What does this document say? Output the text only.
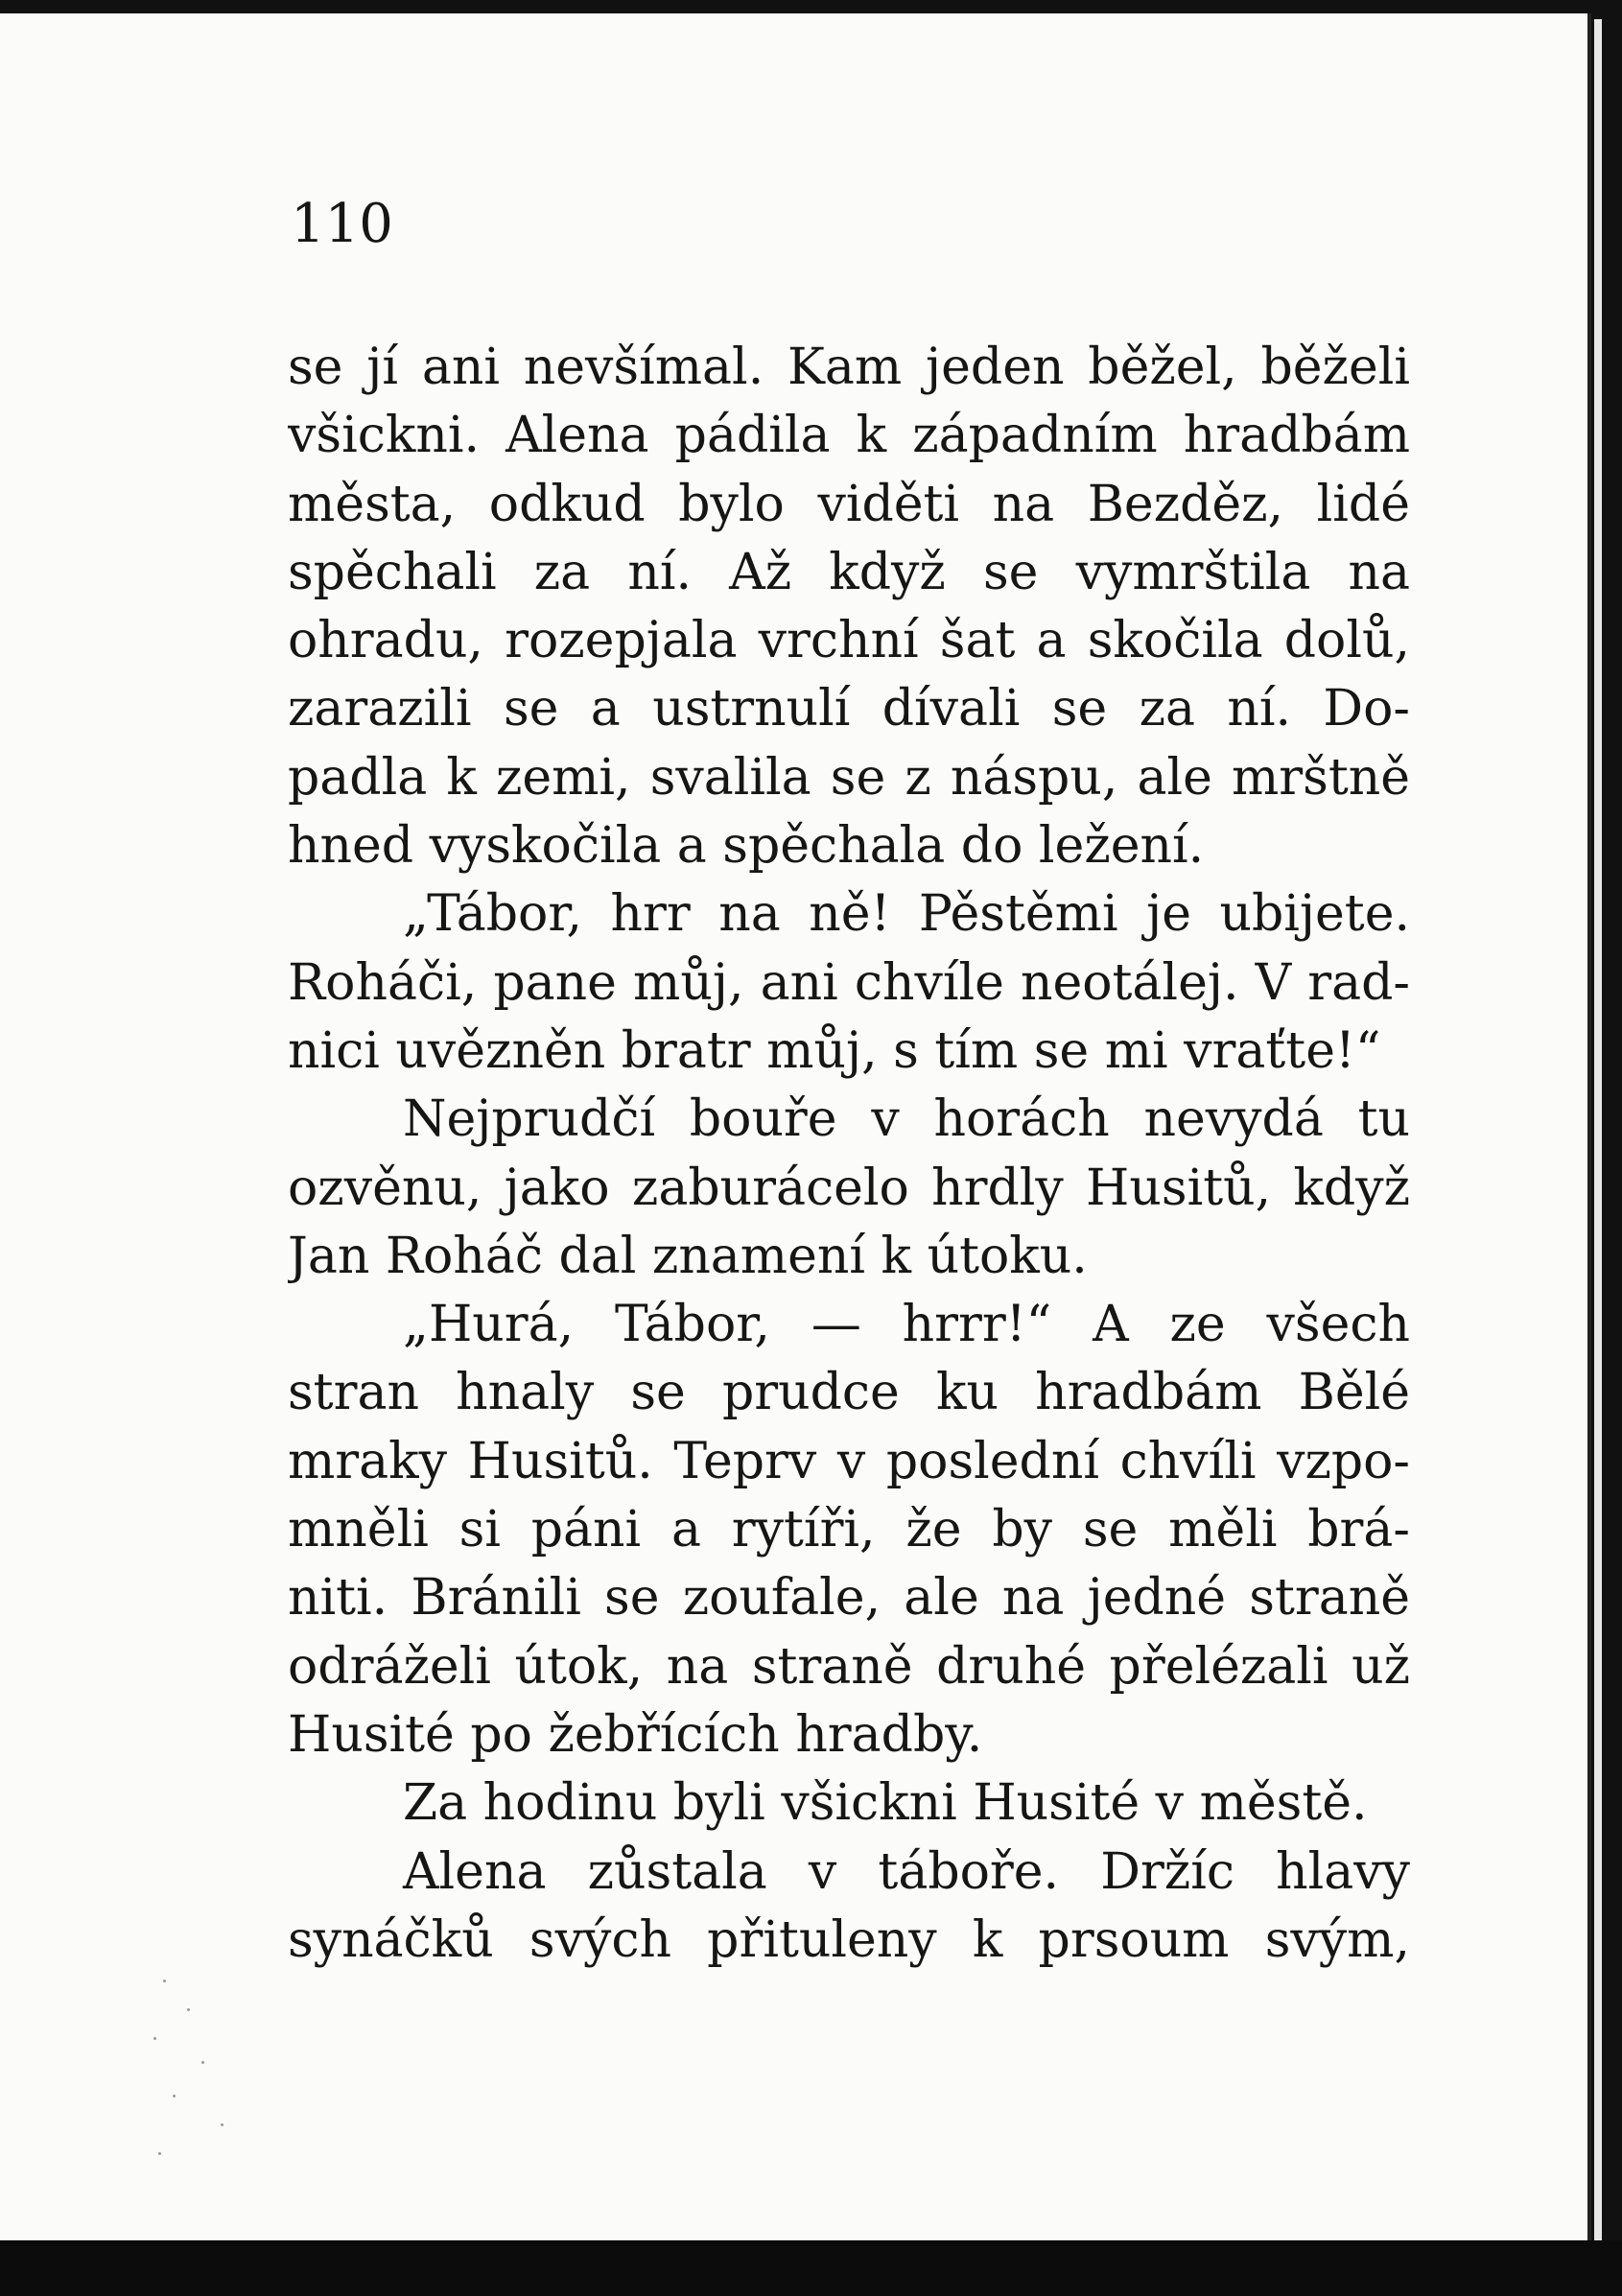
110

se jí ani nevšímal. Kam jeden běžel, běželi
všickni. Alena pádila k západním hradbám
města, odkud bylo viděti na Bezděz, lidé
spěchali za ní. Až když se vymrštila na
ohradu, rozepjala vrchní šat a skočila dolů,
zarazili se a ustrnulí dívali se za ní. Do-
padla k zemi, svalila se z náspu, ale mrštně
hned vyskočila a spěchala do ležení.
„Tábor, hrr na ně! Pěstěmi je ubijete.
Roháči, pane můj, ani chvíle neotálej. V rad-
nici uvězněn bratr můj, s tím se mi vraťte!“
Nejprudčí bouře v horách nevydá tu
ozvěnu, jako zaburácelo hrdly Husitů, když
Jan Roháč dal znamení k útoku.
„Hurá, Tábor, — hrrr!“ A ze všech
stran hnaly se prudce ku hradbám Bělé
mraky Husitů. Teprv v poslední chvíli vzpo-
mněli si páni a rytíři, že by se měli brá-
niti. Bránili se zoufale, ale na jedné straně
odráželi útok, na straně druhé přelézali už
Husité po žebřících hradby.
Za hodinu byli všickni Husité v městě.
Alena zůstala v táboře. Držíc hlavy
synáčků svých přituleny k prsoum svým,
